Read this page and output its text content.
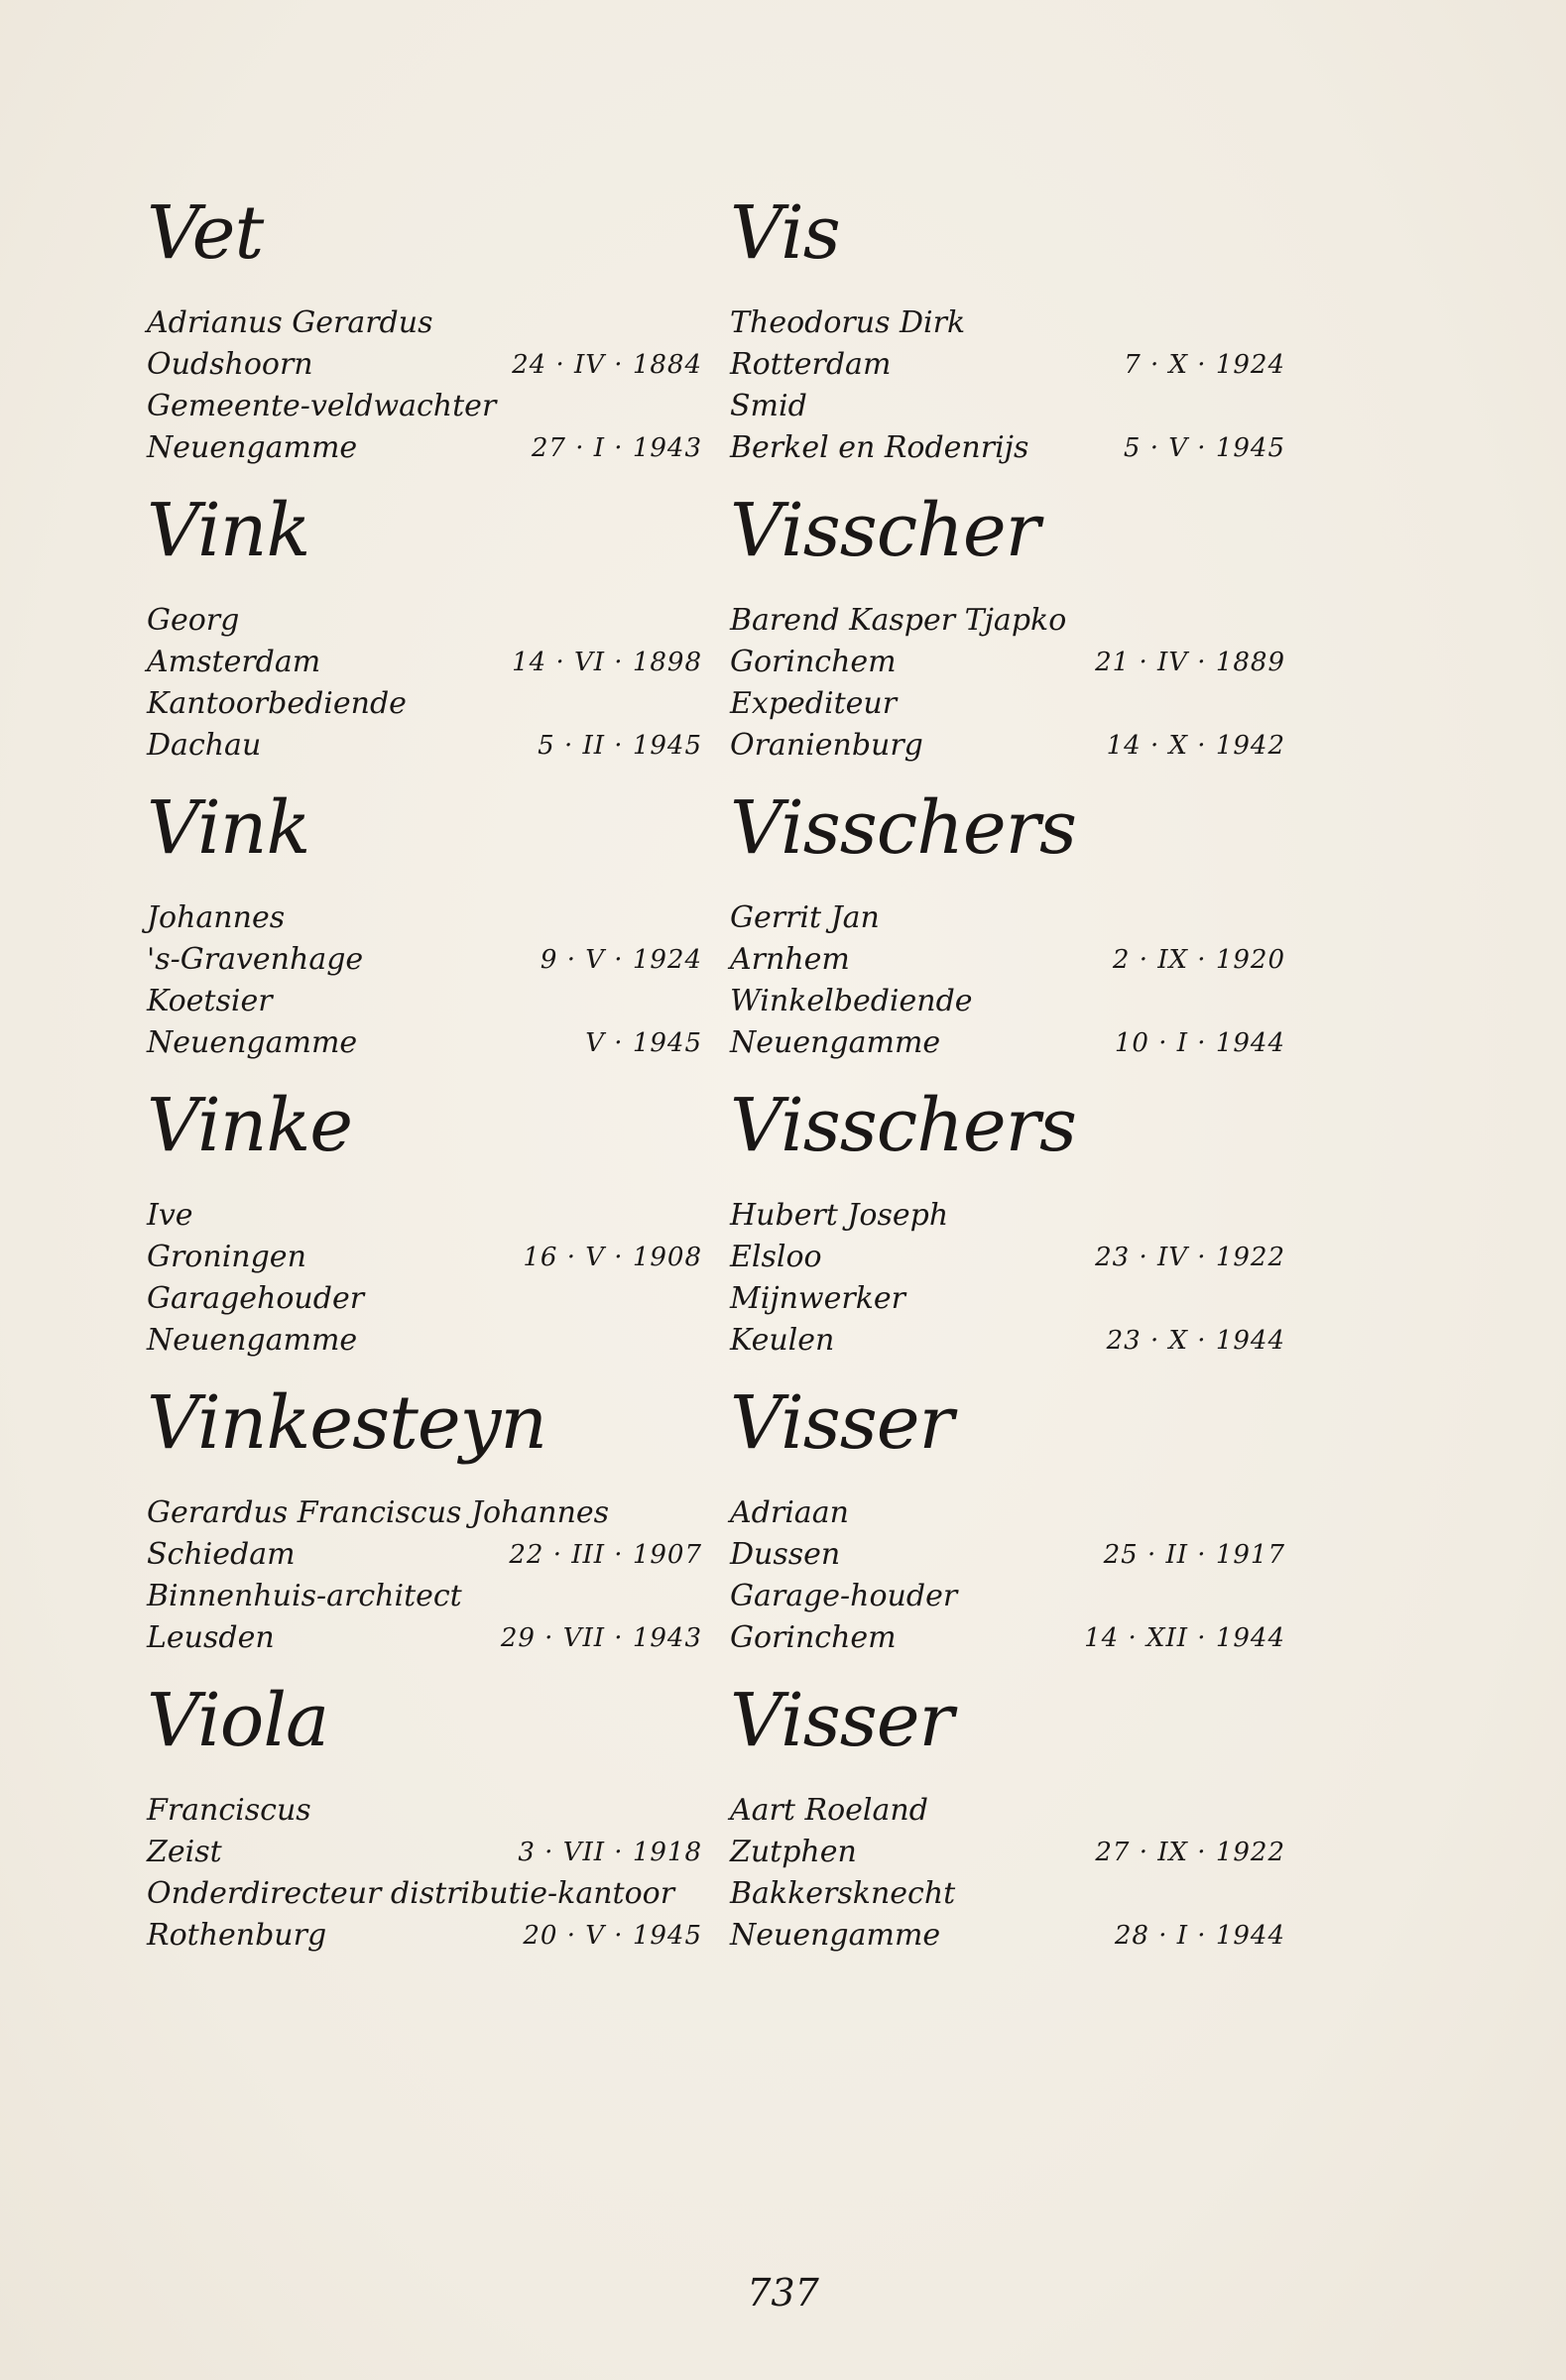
Vet
Adrianus Gerardus
Oudshoorn	24 · IV · 1884
Gemeente-veldwachter
Neuengamme	27 · I · 1943
Vink
Georg
Amsterdam	14 · VI · 1898
Kantoorbediende
Dachau	5 · II · 1945
Vink
Johannes
's-Gravenhage	9 · V · 1924
Koetsier
Neuengamme	V · 1945
Vinke
Ive
Groningen	16 · V · 1908
Garagehouder
Neuengamme
Vinkesteyn
Gerardus Franciscus Johannes
Schiedam	22 · III · 1907
Binnenhuis-architect
Leusden	29 · VII · 1943
Viola
Franciscus
Zeist	3 · VII · 1918
Onderdirecteur distributie-kantoor
Rothenburg	20 · V · 1945
Vis
Theodorus Dirk
Rotterdam	7 · X · 1924
Smid
Berkel en Rodenrijs	5 · V · 1945
Visscher
Barend Kasper Tjapko
Gorinchem	21 · IV · 1889
Expediteur
Oranienburg	14 · X · 1942
Visschers
Gerrit Jan
Arnhem	2 · IX · 1920
Winkelbediende
Neuengamme	10 · I · 1944
Visschers
Hubert Joseph
Elsloo	23 · IV · 1922
Mijnwerker
Keulen	23 · X · 1944
Visser
Adriaan
Dussen	25 · II · 1917
Garage-houder
Gorinchem	14 · XII · 1944
Visser
Aart Roeland
Zutphen	27 · IX · 1922
Bakkersknecht
Neuengamme	28 · I · 1944
737
